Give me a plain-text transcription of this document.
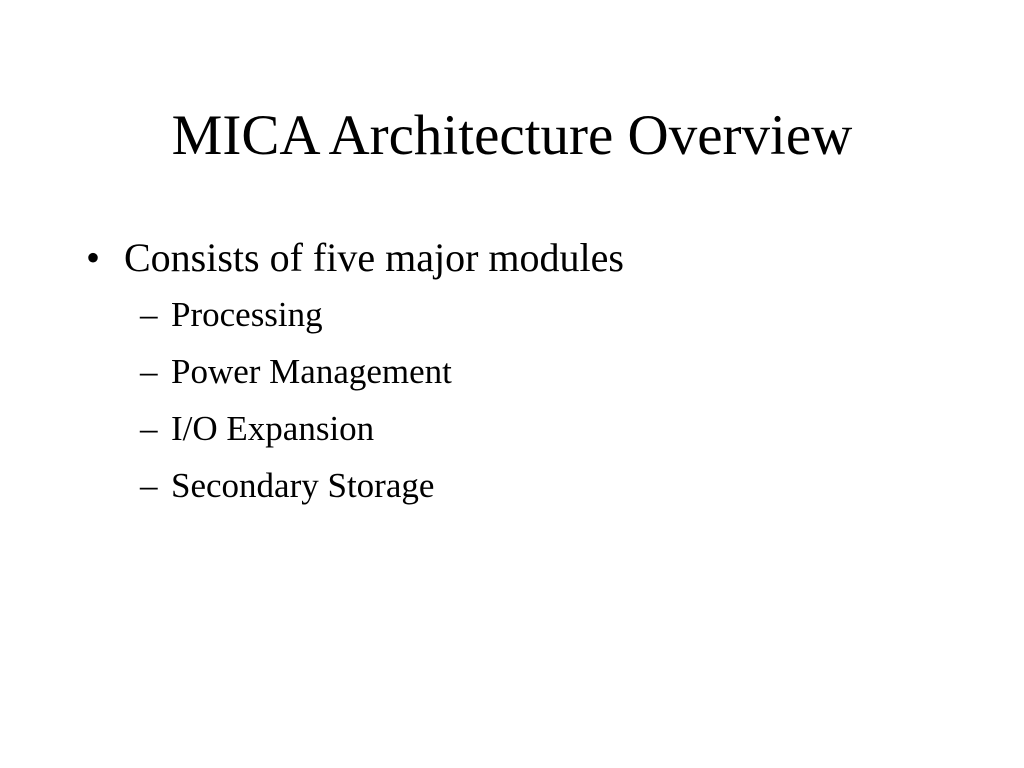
MICA Architecture Overview
• Consists of five major modules
– Processing
– Power Management
– I/O Expansion
– Secondary Storage
